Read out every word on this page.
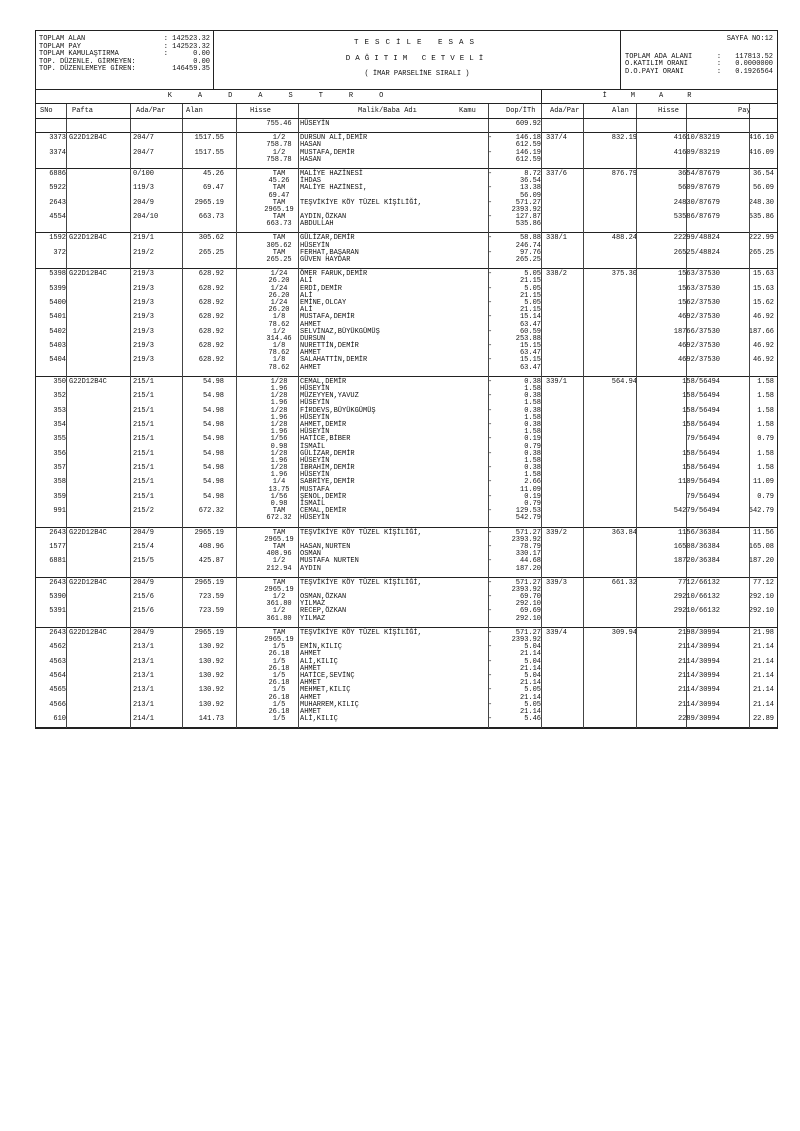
TOPLAM ALAN	: 142523.32
TOPLAM PAY	: 142523.32
TOPLAM KAMULAŞTIRMA	:      0.00
TOP. DÜZENLE. GİRMEYEN:	0.00
TOP. DÜZENLEMEYE GİREN:	146459.35
TESCİLE ESAS
DAĞITIM CETVELİ
( İMAR PARSELİNE SIRALI )
SAYFA NO:12
TOPLAM ADA ALANI	:	117813.52
O.KATILIM ORANI	:	0.0000000
D.O.PAYI ORANI	:	0.1926564
KADASTRO	İMAR
SNo	Pafta	Ada/Par	Alan	Hisse	Malik/Baba Adı	Kamu	Dop/İTh Ada/Par	Alan	Hisse	Pay
755.46	HÜSEYİN	609.92
3373 G22D12B4C	204/7	1517.55	1/2	DURSUN ALİ,DEMİR	-	146.18 337/4	832.19	41610/83219	416.10
758.78	HASAN	612.59
3374	204/7	1517.55	1/2	MUSTAFA,DEMİR	-	146.19	41609/83219	416.09
758.78	HASAN	612.59
6886	0/100	45.26	TAM	MALİYE HAZİNESİ	-	8.72 337/6	876.79	3654/87679	36.54
45.26	İHDAS	36.54
5922	119/3	69.47	TAM	MALİYE HAZİNESİ,	-	13.38	5609/87679	56.09
69.47	56.09
2643	204/9	2965.19	TAM	TEŞVİKİYE KÖY TÜZEL KİŞİLİĞİ,	-	571.27	24830/87679	248.30
2965.19	2393.92
4554	204/10	663.73	TAM	AYDIN,ÖZKAN	-	127.87	53586/87679	535.86
663.73	ABDULLAH	535.86
1592 G22D12B4C	219/1	305.62	TAM	GÜLİZAR,DEMİR	-	58.88 338/1	488.24	22299/48824	222.99
305.62	HÜSEYİN	246.74
372	219/2	265.25	TAM	FERHAT,BAŞARAN	-	97.76	26525/48824	265.25
265.25	GÜVEN HAYDAR	265.25
5398 G22D12B4C	219/3	628.92	1/24	ÖMER FARUK,DEMİR	-	5.05 338/2	375.30	1563/37530	15.63
26.20	ALİ	21.15
5399	219/3	628.92	1/24	ERDİ,DEMİR	-	5.05	1563/37530	15.63
26.20	ALİ	21.15
5400	219/3	628.92	1/24	EMİNE,OLCAY	-	5.05	1562/37530	15.62
26.20	ALİ	21.15
5401	219/3	628.92	1/8	MUSTAFA,DEMİR	-	15.14	4692/37530	46.92
78.62	AHMET	63.47
5402	219/3	628.92	1/2	SELVİNAZ,BÜYÜKGÜMÜŞ	-	60.59	18766/37530	187.66
314.46	DURSUN	253.88
5403	219/3	628.92	1/8	NURETTİN,DEMİR	-	15.15	4692/37530	46.92
78.62	AHMET	63.47
5404	219/3	628.92	1/8	SALAHATTİN,DEMİR	-	15.15	4692/37530	46.92
78.62	AHMET	63.47
350 G22D12B4C	215/1	54.98	1/28	CEMAL,DEMİR	-	0.38 339/1	564.94	158/56494	1.58
1.96	HÜSEYİN	1.58
352	215/1	54.98	1/28	MÜZEYYEN,YAVUZ	-	0.38	158/56494	1.58
1.96	HÜSEYİN	1.58
353	215/1	54.98	1/28	FİRDEVS,BÜYÜKGÜMÜŞ	-	0.38	158/56494	1.58
1.96	HÜSEYİN	1.58
354	215/1	54.98	1/28	AHMET,DEMİR	-	0.38	158/56494	1.58
1.96	HÜSEYİN	1.58
355	215/1	54.98	1/56	HATİCE,BİBER	-	0.19	79/56494	0.79
0.98	İSMAİL	0.79
356	215/1	54.98	1/28	GÜLİZAR,DEMİR	-	0.38	158/56494	1.58
1.96	HÜSEYİN	1.58
357	215/1	54.98	1/28	İBRAHİM,DEMİR	-	0.38	158/56494	1.58
1.96	HÜSEYİN	1.58
358	215/1	54.98	1/4	SABRİYE,DEMİR	-	2.66	1109/56494	11.09
13.75	MUSTAFA	11.09
359	215/1	54.98	1/56	ŞENOL,DEMİR	-	0.19	79/56494	0.79
0.98	İSMAİL	0.79
991	215/2	672.32	TAM	CEMAL,DEMİR	-	129.53	54279/56494	542.79
672.32	HÜSEYİN	542.79
2643 G22D12B4C	204/9	2965.19	TAM	TEŞVİKİYE KÖY TÜZEL KİŞİLİĞİ,	-	571.27 339/2	363.84	1156/36384	11.56
2965.19	2393.92
1577	215/4	408.96	TAM	HASAN,NURTEN	-	78.79	16508/36384	165.08
408.96	OSMAN	330.17
6881	215/5	425.87	1/2	MUSTAFA NURTEN	-	44.68	18720/36384	187.20
212.94	AYDIN	187.20
2643 G22D12B4C	204/9	2965.19	TAM	TEŞVİKİYE KÖY TÜZEL KİŞİLİĞİ,	-	571.27 339/3	661.32	7712/66132	77.12
2965.19	2393.92
5390	215/6	723.59	1/2	OSMAN,ÖZKAN	-	69.70	29210/66132	292.10
361.80	YILMAZ	292.10
5391	215/6	723.59	1/2	RECEP,ÖZKAN	-	69.69	29210/66132	292.10
361.80	YILMAZ	292.10
2643 G22D12B4C	204/9	2965.19	TAM	TEŞVİKİYE KÖY TÜZEL KİŞİLİĞİ,	-	571.27 339/4	309.94	2198/30994	21.98
2965.19	2393.92
4562	213/1	130.92	1/5	EMİN,KILIÇ	-	5.04	2114/30994	21.14
26.18	AHMET	21.14
4563	213/1	130.92	1/5	ALİ,KILIÇ	-	5.04	2114/30994	21.14
26.18	AHMET	21.14
4564	213/1	130.92	1/5	HATİCE,SEVİNÇ	-	5.04	2114/30994	21.14
26.18	AHMET	21.14
4565	213/1	130.92	1/5	MEHMET,KILIÇ	-	5.05	2114/30994	21.14
26.18	AHMET	21.14
4566	213/1	130.92	1/5	MUHARREM,KILIÇ	-	5.05	2114/30994	21.14
26.18	AHMET	21.14
610	214/1	141.73	1/5	ALİ,KILIÇ	-	5.46	2289/30994	22.89
